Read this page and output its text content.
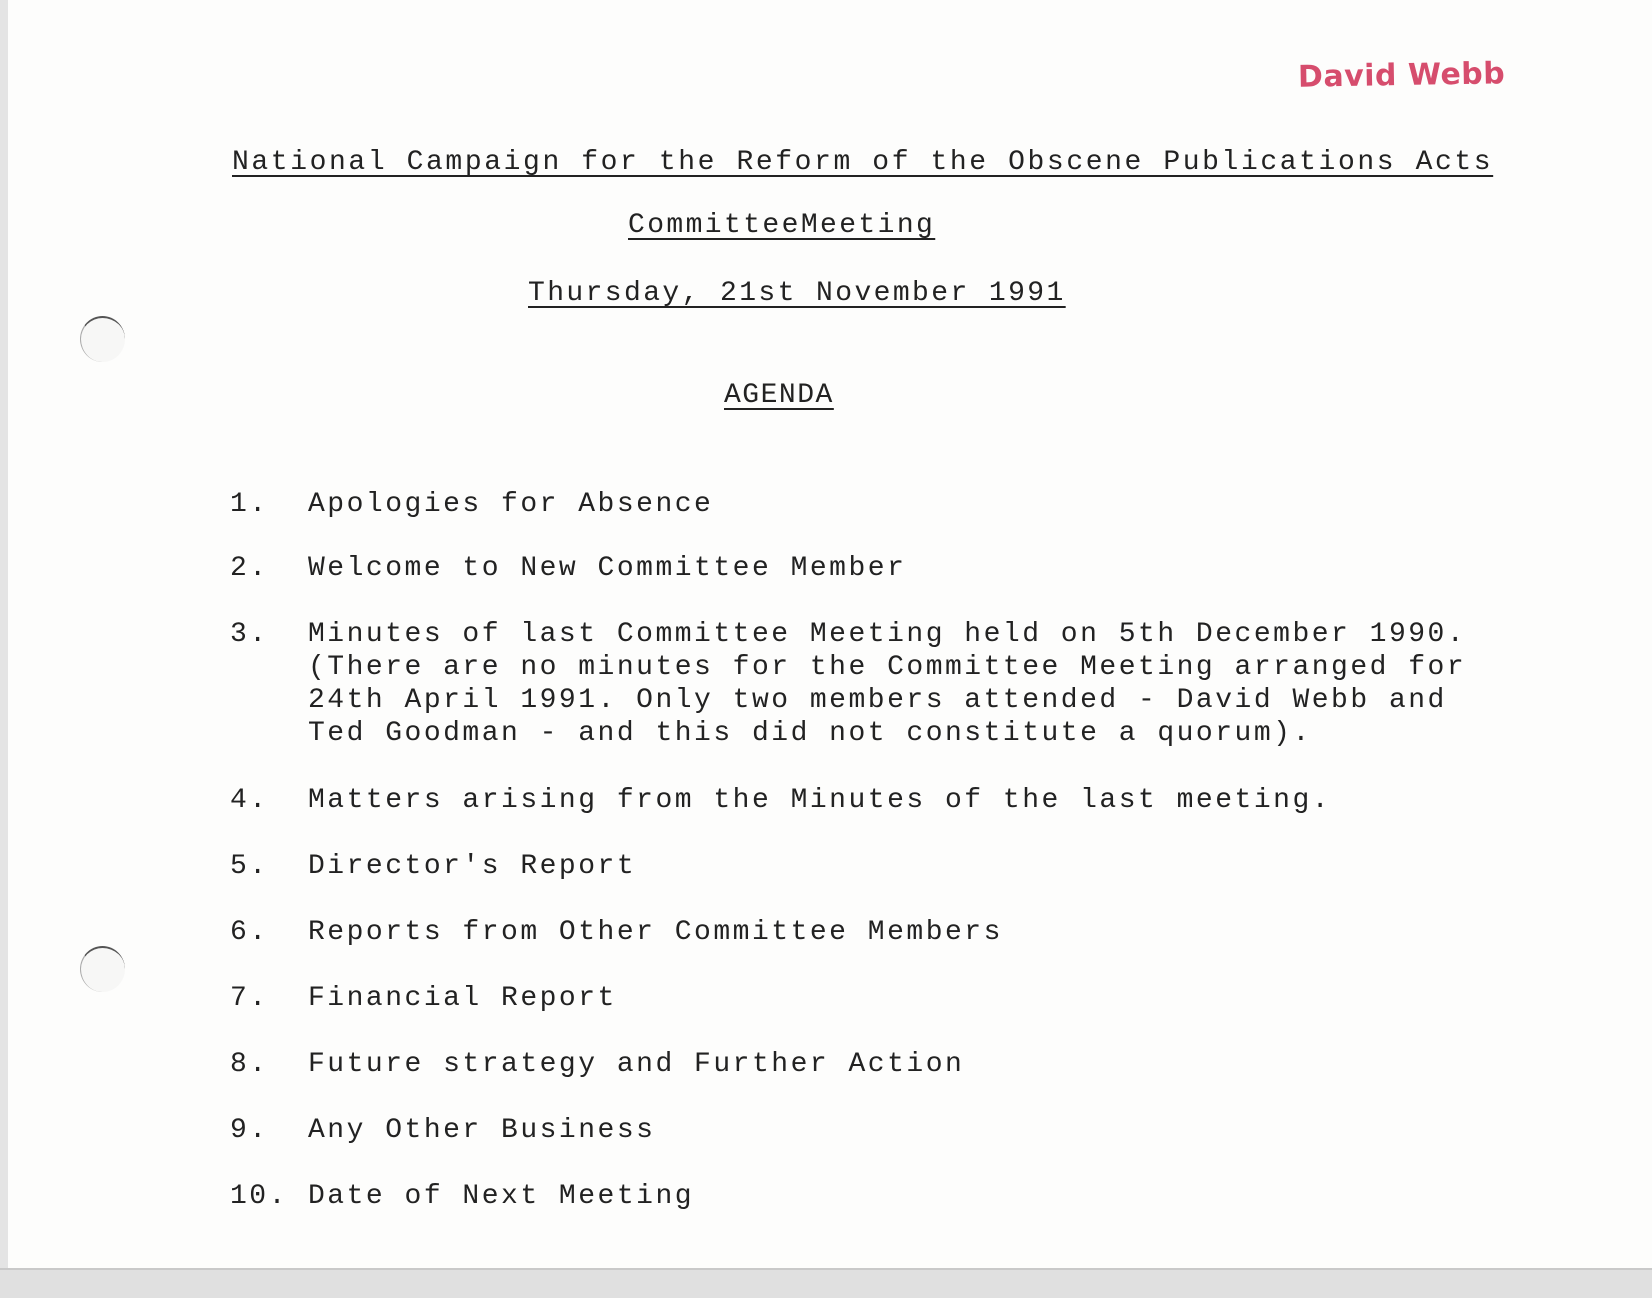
David Webb
National Campaign for the Reform of the Obscene Publications Acts
CommitteeMeeting
Thursday, 21st November 1991
AGENDA
1.	Apologies for Absence
2.	Welcome to New Committee Member
3.	Minutes of last Committee Meeting held on 5th December 1990.
(There are no minutes for the Committee Meeting arranged for
24th April 1991. Only two members attended - David Webb and
Ted Goodman - and this did not constitute a quorum).
4.	Matters arising from the Minutes of the last meeting.
5.	Director's Report
6.	Reports from Other Committee Members
7.	Financial Report
8.	Future strategy and Further Action
9.	Any Other Business
10. Date of Next Meeting
